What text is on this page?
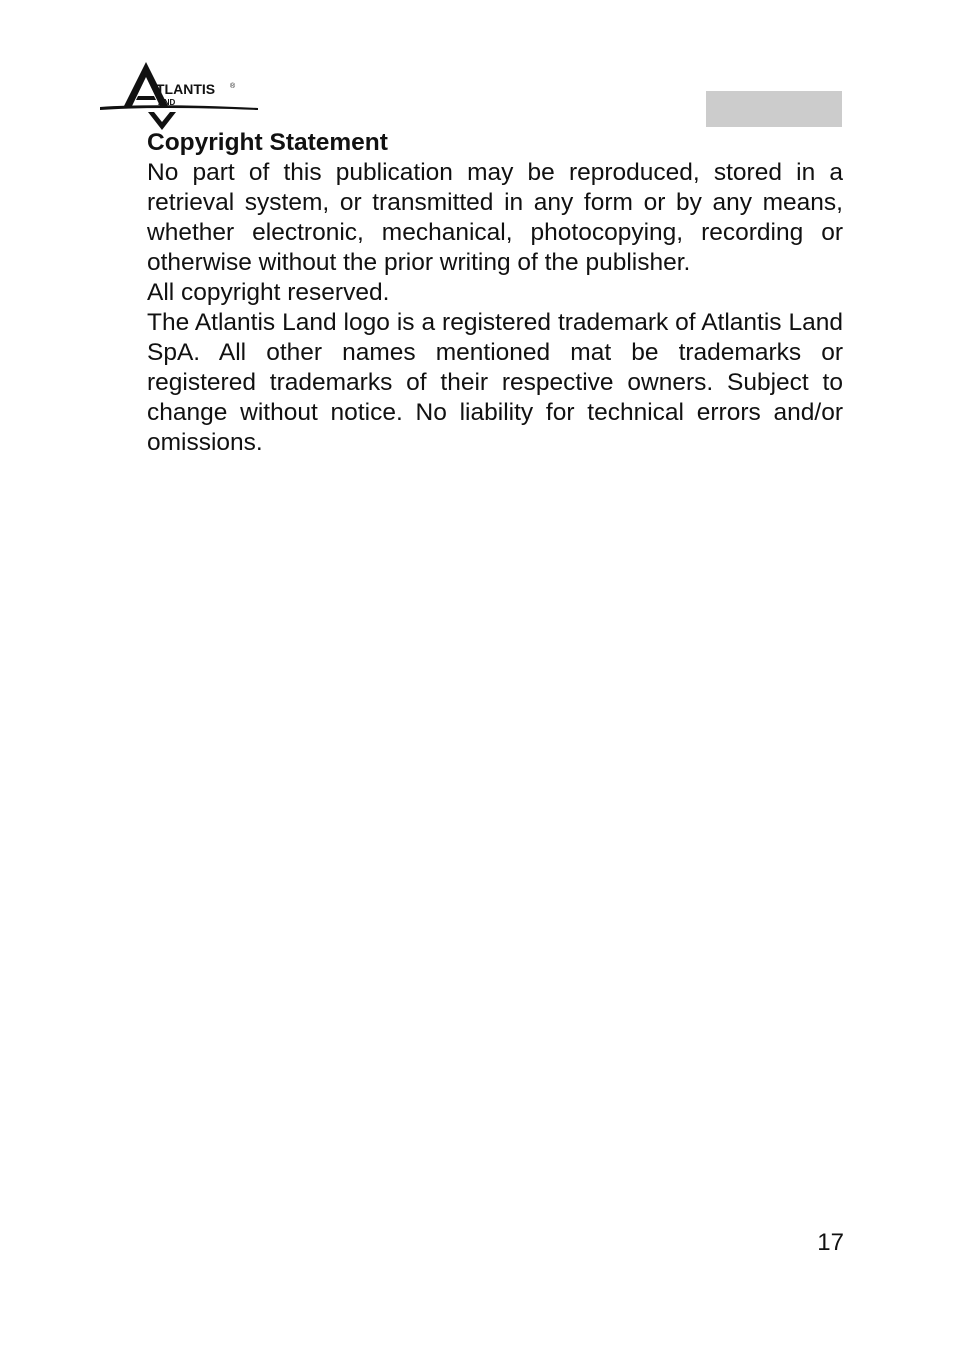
TLANTIS
AND
®

Copyright Statement

No part of this publication may be reproduced, stored in a retrieval system, or transmitted in any form or by any means, whether electronic, mechanical, photocopying, recording or otherwise without the prior writing of the publisher.

All copyright reserved.

The Atlantis Land logo is a registered trademark of Atlantis Land SpA. All other names mentioned mat be trademarks or registered trademarks of their respective owners. Subject to change without notice. No liability for technical errors and/or omissions.

17
